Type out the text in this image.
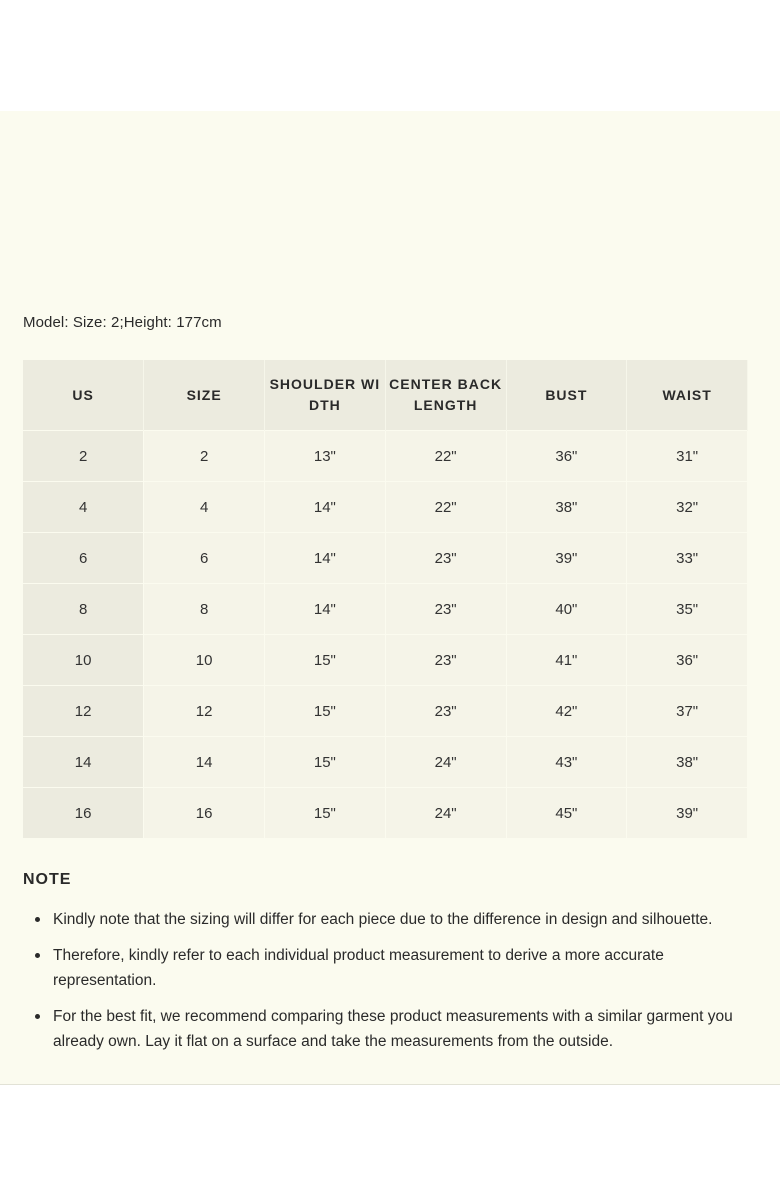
Model: Size: 2;Height: 177cm
US	SIZE	SHOULDER WIDTH	CENTER BACK LENGTH	BUST	WAIST
2	2	13"	22"	36"	31"
4	4	14"	22"	38"	32"
6	6	14"	23"	39"	33"
8	8	14"	23"	40"	35"
10	10	15"	23"	41"	36"
12	12	15"	23"	42"	37"
14	14	15"	24"	43"	38"
16	16	15"	24"	45"	39"
NOTE
Kindly note that the sizing will differ for each piece due to the difference in design and silhouette.
Therefore, kindly refer to each individual product measurement to derive a more accurate representation.
For the best fit, we recommend comparing these product measurements with a similar garment you already own. Lay it flat on a surface and take the measurements from the outside.
